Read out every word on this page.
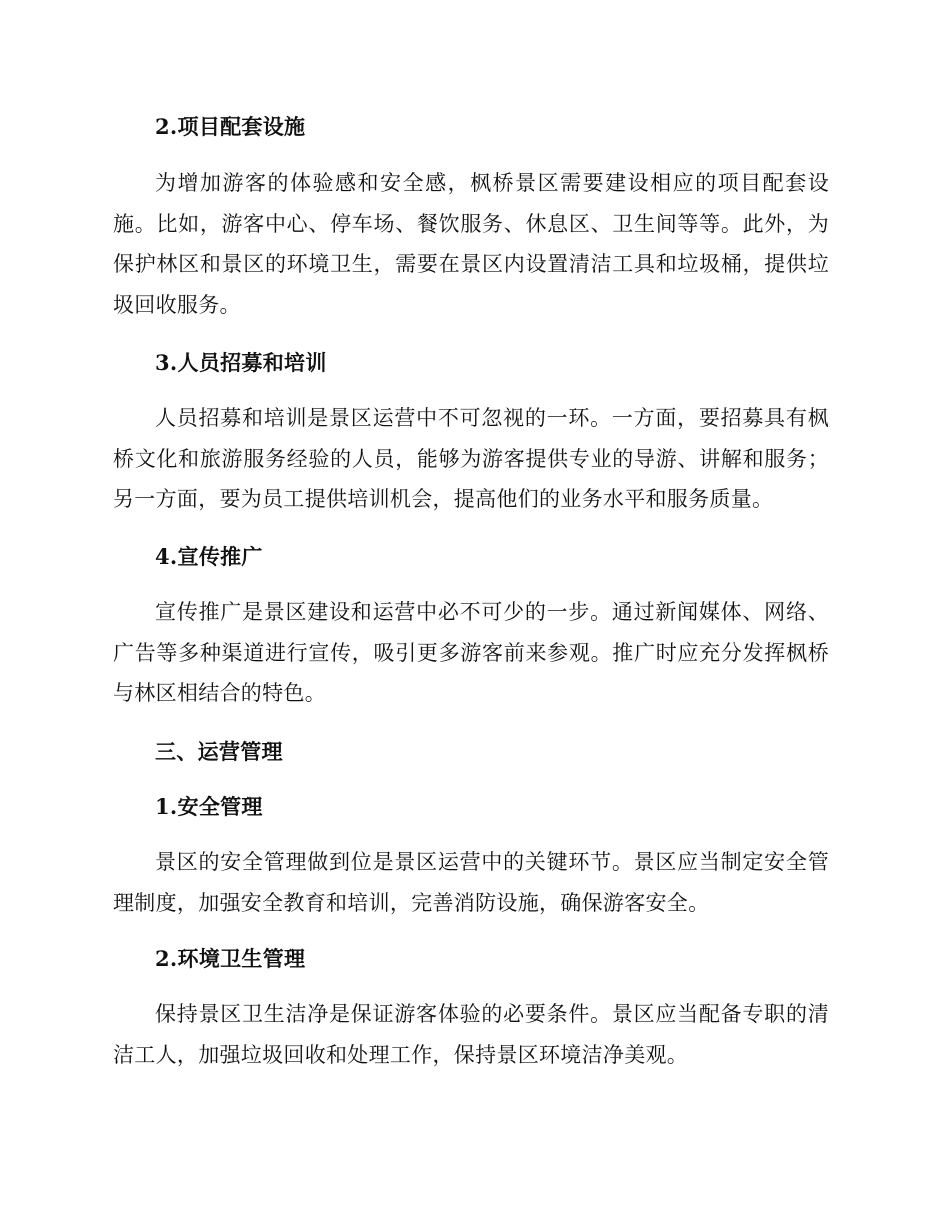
2.项目配套设施

为增加游客的体验感和安全感，枫桥景区需要建设相应的项目配套设施。比如，游客中心、停车场、餐饮服务、休息区、卫生间等等。此外，为保护林区和景区的环境卫生，需要在景区内设置清洁工具和垃圾桶，提供垃圾回收服务。

3.人员招募和培训

人员招募和培训是景区运营中不可忽视的一环。一方面，要招募具有枫桥文化和旅游服务经验的人员，能够为游客提供专业的导游、讲解和服务；另一方面，要为员工提供培训机会，提高他们的业务水平和服务质量。

4.宣传推广

宣传推广是景区建设和运营中必不可少的一步。通过新闻媒体、网络、广告等多种渠道进行宣传，吸引更多游客前来参观。推广时应充分发挥枫桥与林区相结合的特色。

三、运营管理
1.安全管理

景区的安全管理做到位是景区运营中的关键环节。景区应当制定安全管理制度，加强安全教育和培训，完善消防设施，确保游客安全。

2.环境卫生管理

保持景区卫生洁净是保证游客体验的必要条件。景区应当配备专职的清洁工人，加强垃圾回收和处理工作，保持景区环境洁净美观。
